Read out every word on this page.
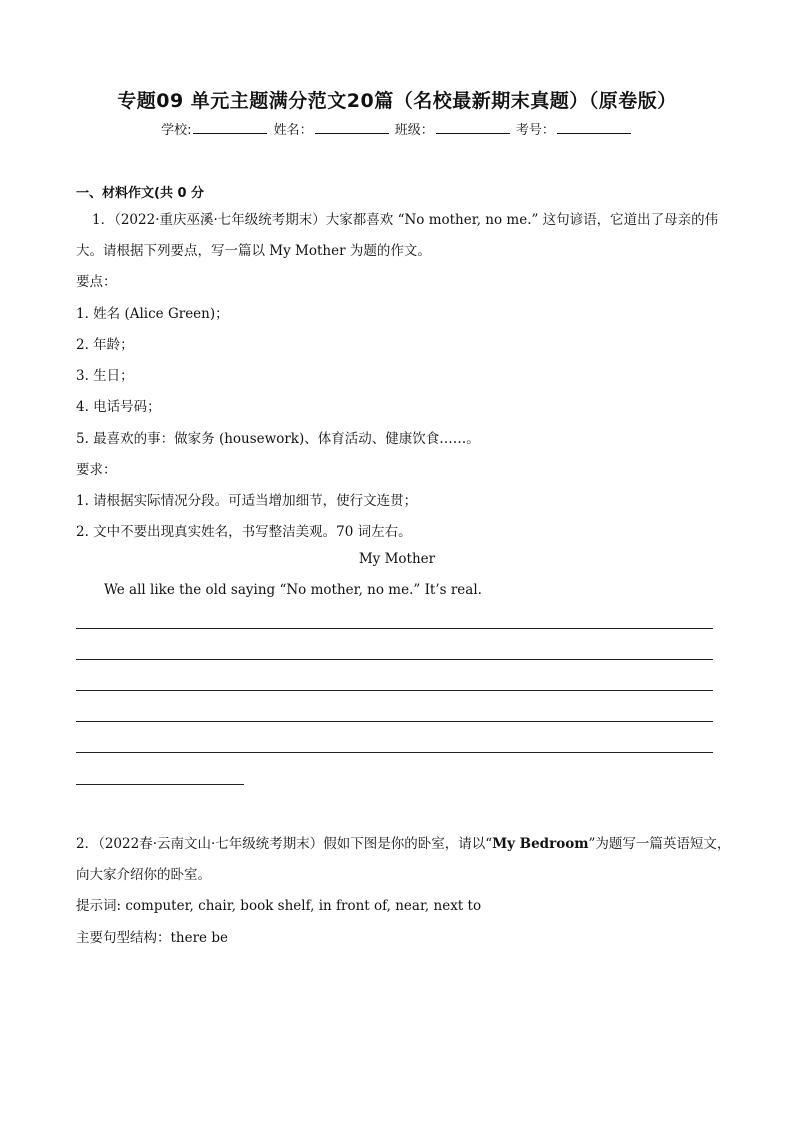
专题09 单元主题满分范文20篇（名校最新期末真题）（原卷版）
学校:	姓名：	班级：	考号：
一、材料作文(共 0 分
1．（2022·重庆巫溪·七年级统考期末）大家都喜欢 “No mother, no me.” 这句谚语，它道出了母亲的伟
大。请根据下列要点，写一篇以 My Mother 为题的作文。
要点：
1. 姓名 (Alice Green)；
2. 年龄；
3. 生日；
4. 电话号码；
5. 最喜欢的事：做家务 (housework)、体育活动、健康饮食……。
要求：
1. 请根据实际情况分段。可适当增加细节，使行文连贯；
2. 文中不要出现真实姓名，书写整洁美观。70 词左右。
My Mother
We all like the old saying “No mother, no me.” It’s real.
2．（2022春·云南文山·七年级统考期末）假如下图是你的卧室，请以“My Bedroom”为题写一篇英语短文，
向大家介绍你的卧室。
提示词: computer, chair, book shelf, in front of, near, next to
主要句型结构：there be
